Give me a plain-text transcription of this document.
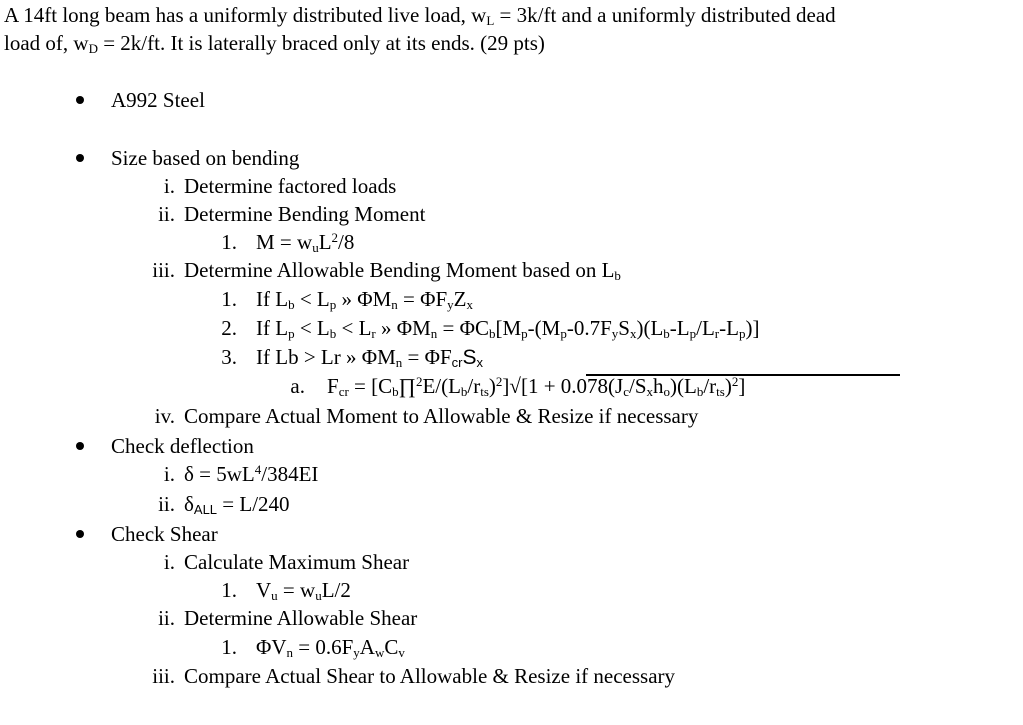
A 14ft long beam has a uniformly distributed live load, $w_L = 3k/ft$ and a uniformly distributed dead
load of, $w_D = 2k/ft$. It is laterally braced only at its ends. (29 pts)
A992 Steel
Size based on bending
i. Determine factored loads
ii. Determine Bending Moment
1. $M = w_uL^2/8$
iii. Determine Allowable Bending Moment based on $L_b$
1. If $L_b < L_p$ » $\Phi M_n = \Phi F_yZ_x$
2. If $L_p < L_b < L_r$ » $\Phi M_n = \Phi C_b[M_p-(M_p-0.7F_yS_x)(L_b-L_p/L_r-L_p)]$
3. If Lb > Lr » $\Phi M_n = \Phi F_{cr}S_x$
a. $F_{cr}$ = $[C_b\prod^2E/(L_b/r_{ts})^2]√[1 + 0.078(J_c/S_xh_o)(L_b/r_{ts})^2]$
iv. Compare Actual Moment to Allowable & Resize if necessary
Check deflection
i. $\delta = 5wL^4/384EI$
ii. $\delta_{ALL} = L/240$
Check Shear
i. Calculate Maximum Shear
1. $V_u = w_uL/2$
ii. Determine Allowable Shear
1. $\Phi V_n = 0.6F_yA_wC_v$
iii. Compare Actual Shear to Allowable & Resize if necessary
